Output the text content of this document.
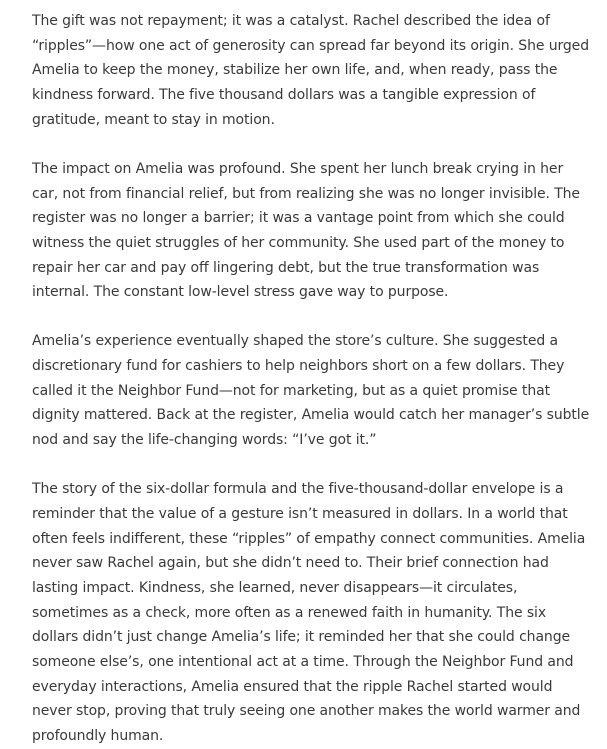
The gift was not repayment; it was a catalyst. Rachel described the idea of “ripples”—how one act of generosity can spread far beyond its origin. She urged Amelia to keep the money, stabilize her own life, and, when ready, pass the kindness forward. The five thousand dollars was a tangible expression of gratitude, meant to stay in motion.

The impact on Amelia was profound. She spent her lunch break crying in her car, not from financial relief, but from realizing she was no longer invisible. The register was no longer a barrier; it was a vantage point from which she could witness the quiet struggles of her community. She used part of the money to repair her car and pay off lingering debt, but the true transformation was internal. The constant low-level stress gave way to purpose.

Amelia’s experience eventually shaped the store’s culture. She suggested a discretionary fund for cashiers to help neighbors short on a few dollars. They called it the Neighbor Fund—not for marketing, but as a quiet promise that dignity mattered. Back at the register, Amelia would catch her manager’s subtle nod and say the life-changing words: “I’ve got it.”

The story of the six-dollar formula and the five-thousand-dollar envelope is a reminder that the value of a gesture isn’t measured in dollars. In a world that often feels indifferent, these “ripples” of empathy connect communities. Amelia never saw Rachel again, but she didn’t need to. Their brief connection had lasting impact. Kindness, she learned, never disappears—it circulates, sometimes as a check, more often as a renewed faith in humanity. The six dollars didn’t just change Amelia’s life; it reminded her that she could change someone else’s, one intentional act at a time. Through the Neighbor Fund and everyday interactions, Amelia ensured that the ripple Rachel started would never stop, proving that truly seeing one another makes the world warmer and profoundly human.
